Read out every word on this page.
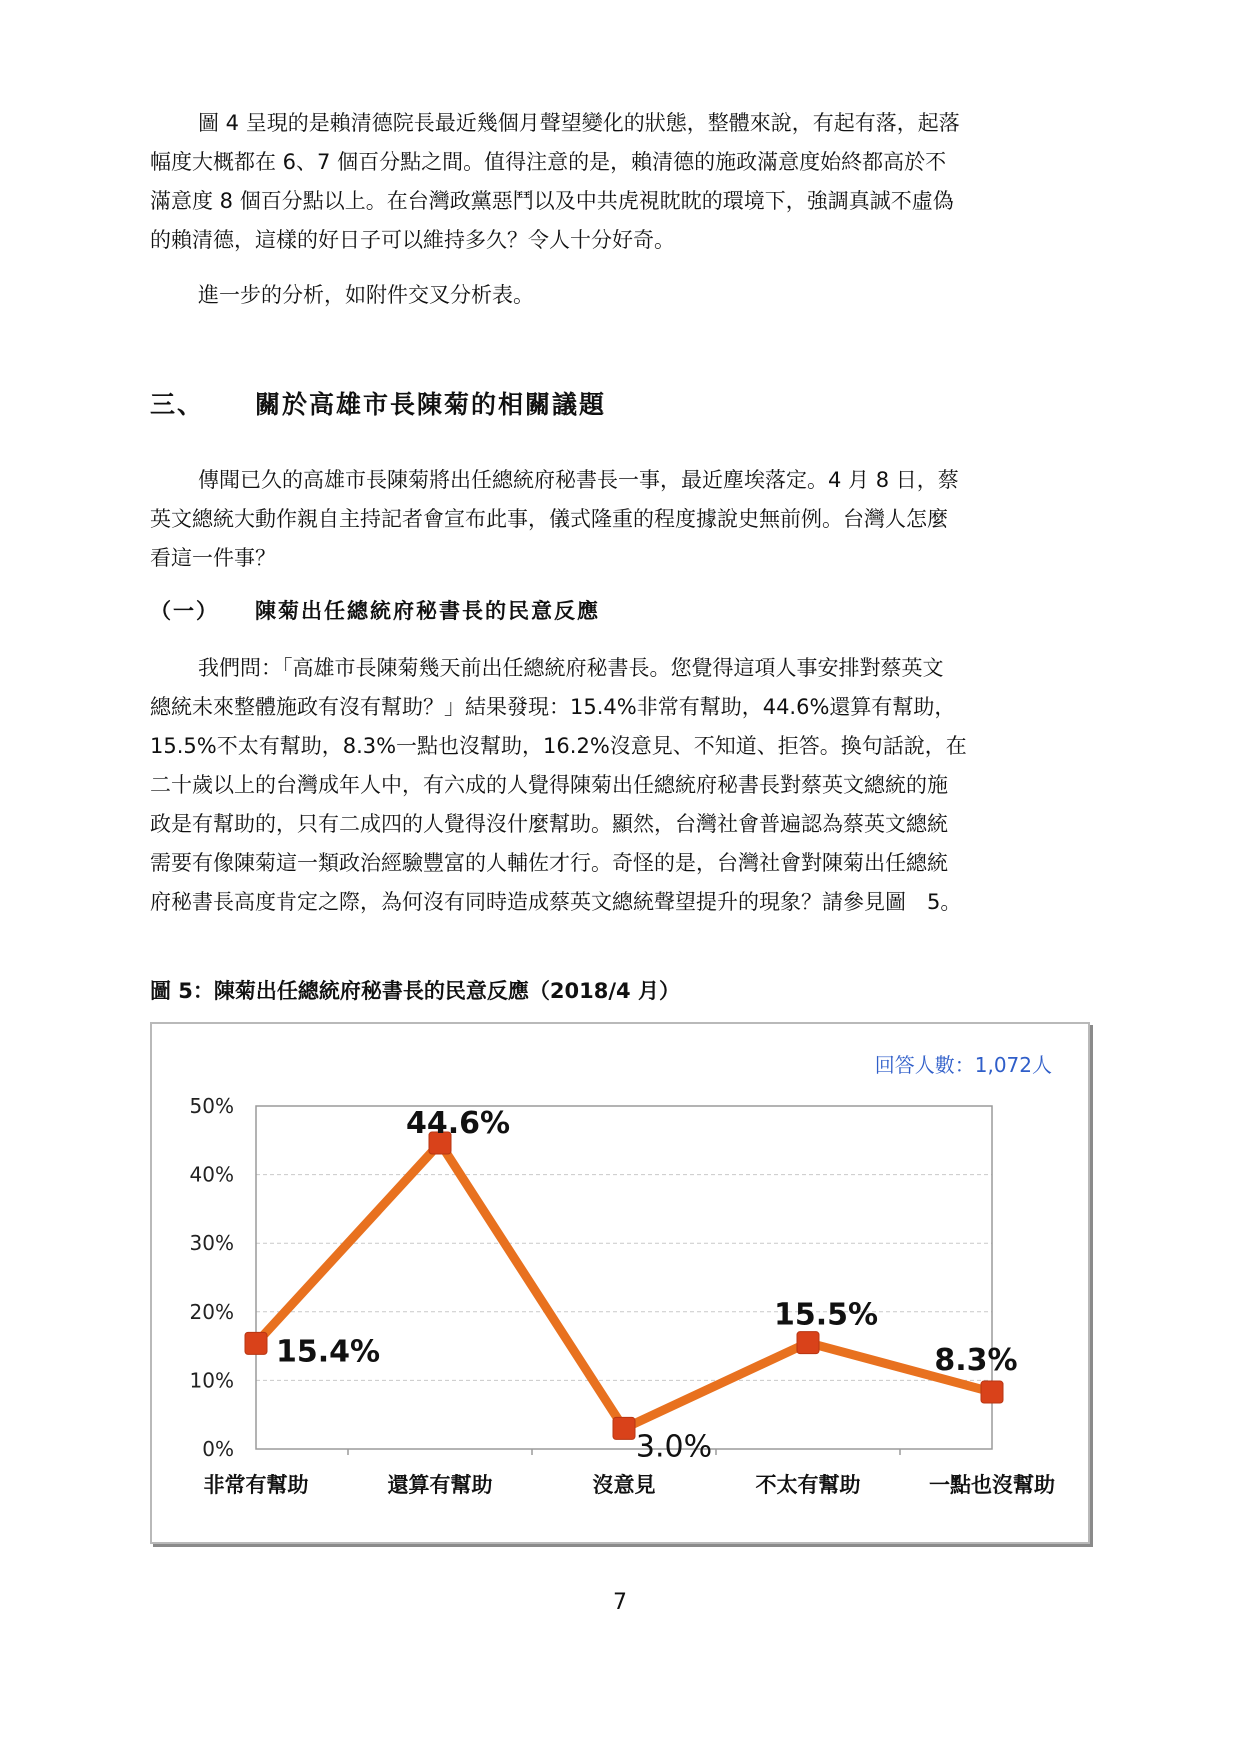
圖 4 呈現的是賴清德院長最近幾個月聲望變化的狀態，整體來說，有起有落，起落
幅度大概都在 6、7 個百分點之間。值得注意的是，賴清德的施政滿意度始終都高於不
滿意度 8 個百分點以上。在台灣政黨惡鬥以及中共虎視眈眈的環境下，強調真誠不虛偽
的賴清德，這樣的好日子可以維持多久？令人十分好奇。
進一步的分析，如附件交叉分析表。
三、 關於高雄市長陳菊的相關議題
傳聞已久的高雄市長陳菊將出任總統府秘書長一事，最近塵埃落定。4 月 8 日，蔡
英文總統大動作親自主持記者會宣布此事，儀式隆重的程度據說史無前例。台灣人怎麼
看這一件事？
（一） 陳菊出任總統府秘書長的民意反應
我們問：「高雄市長陳菊幾天前出任總統府秘書長。您覺得這項人事安排對蔡英文
總統未來整體施政有沒有幫助？」結果發現：15.4%非常有幫助，44.6%還算有幫助，
15.5%不太有幫助，8.3%一點也沒幫助，16.2%沒意見、不知道、拒答。換句話說，在
二十歲以上的台灣成年人中，有六成的人覺得陳菊出任總統府秘書長對蔡英文總統的施
政是有幫助的，只有二成四的人覺得沒什麼幫助。顯然，台灣社會普遍認為蔡英文總統
需要有像陳菊這一類政治經驗豐富的人輔佐才行。奇怪的是，台灣社會對陳菊出任總統
府秘書長高度肯定之際，為何沒有同時造成蔡英文總統聲望提升的現象？請參見圖　5。
圖 5：陳菊出任總統府秘書長的民意反應（2018/4 月）
0%
10%
20%
30%
40%
50%
非常有幫助	還算有幫助	沒意見	不太有幫助	一點也沒幫助
15.4%
44.6%
3.0%
15.5%
8.3%
回答人數：1,072人
7
